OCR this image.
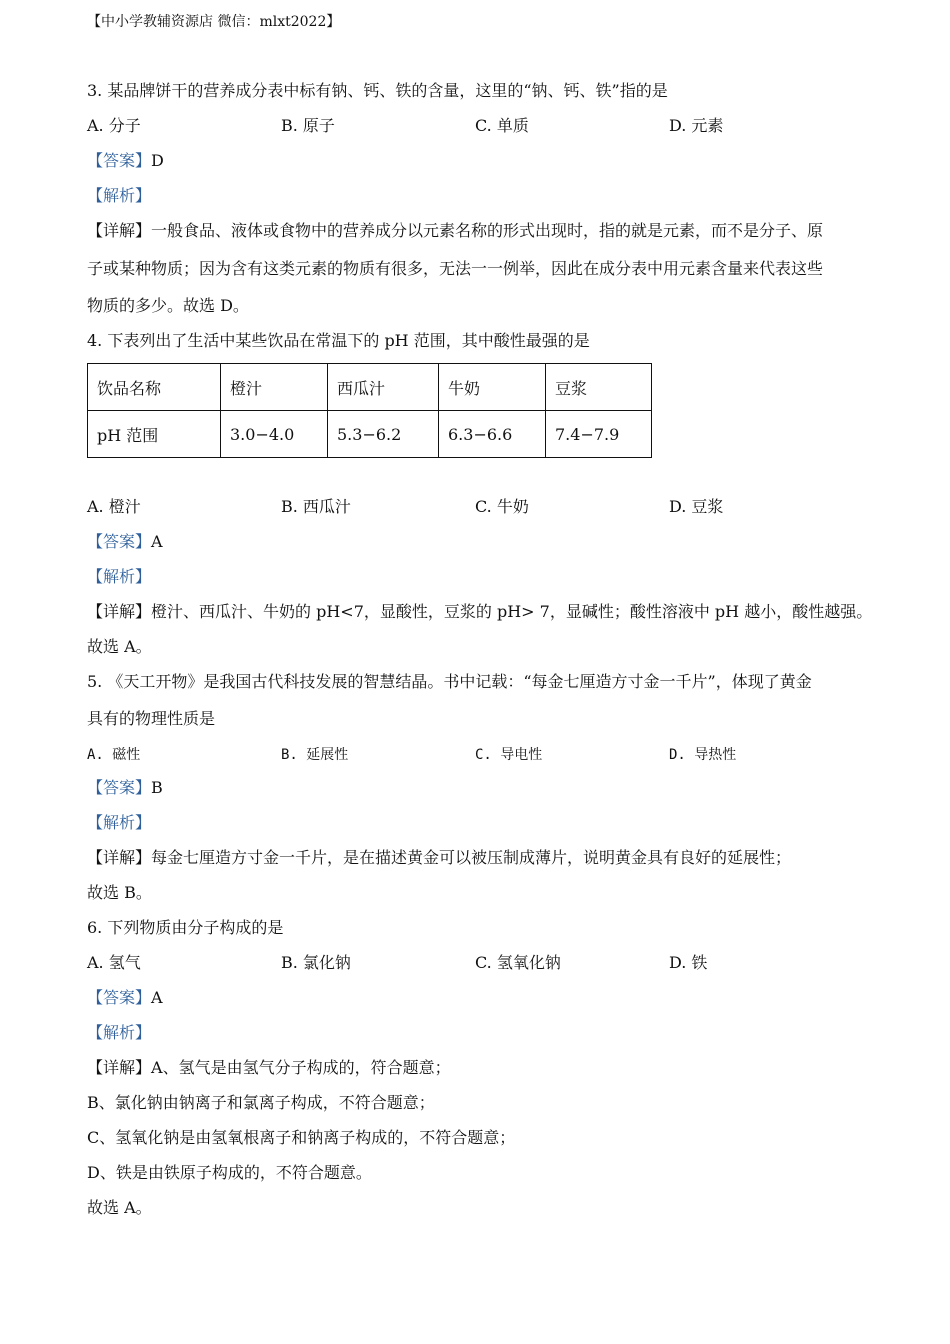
【中小学教辅资源店 微信：mlxt2022】
3. 某品牌饼干的营养成分表中标有钠、钙、铁的含量，这里的“钠、钙、铁”指的是
A. 分子	B. 原子	C. 单质	D. 元素
【答案】D
【解析】
【详解】一般食品、液体或食物中的营养成分以元素名称的形式出现时，指的就是元素，而不是分子、原
子或某种物质；因为含有这类元素的物质有很多，无法一一例举，因此在成分表中用元素含量来代表这些
物质的多少。故选 D。
4. 下表列出了生活中某些饮品在常温下的 pH 范围，其中酸性最强的是
饮品名称	橙汁	西瓜汁	牛奶	豆浆
pH 范围	3.0−4.0	5.3−6.2	6.3−6.6	7.4−7.9
A. 橙汁	B. 西瓜汁	C. 牛奶	D. 豆浆
【答案】A
【解析】
【详解】橙汁、西瓜汁、牛奶的 pH<7，显酸性，豆浆的 pH> 7，显碱性；酸性溶液中 pH 越小，酸性越强。
故选 A。
5. 《天工开物》是我国古代科技发展的智慧结晶。书中记载：“每金七厘造方寸金一千片”，体现了黄金
具有的物理性质是
A. 磁性	B. 延展性	C. 导电性	D. 导热性
【答案】B
【解析】
【详解】每金七厘造方寸金一千片，是在描述黄金可以被压制成薄片，说明黄金具有良好的延展性；
故选 B。
6. 下列物质由分子构成的是
A. 氢气	B. 氯化钠	C. 氢氧化钠	D. 铁
【答案】A
【解析】
【详解】A、氢气是由氢气分子构成的，符合题意；
B、氯化钠由钠离子和氯离子构成，不符合题意；
C、氢氧化钠是由氢氧根离子和钠离子构成的，不符合题意；
D、铁是由铁原子构成的，不符合题意。
故选 A。
